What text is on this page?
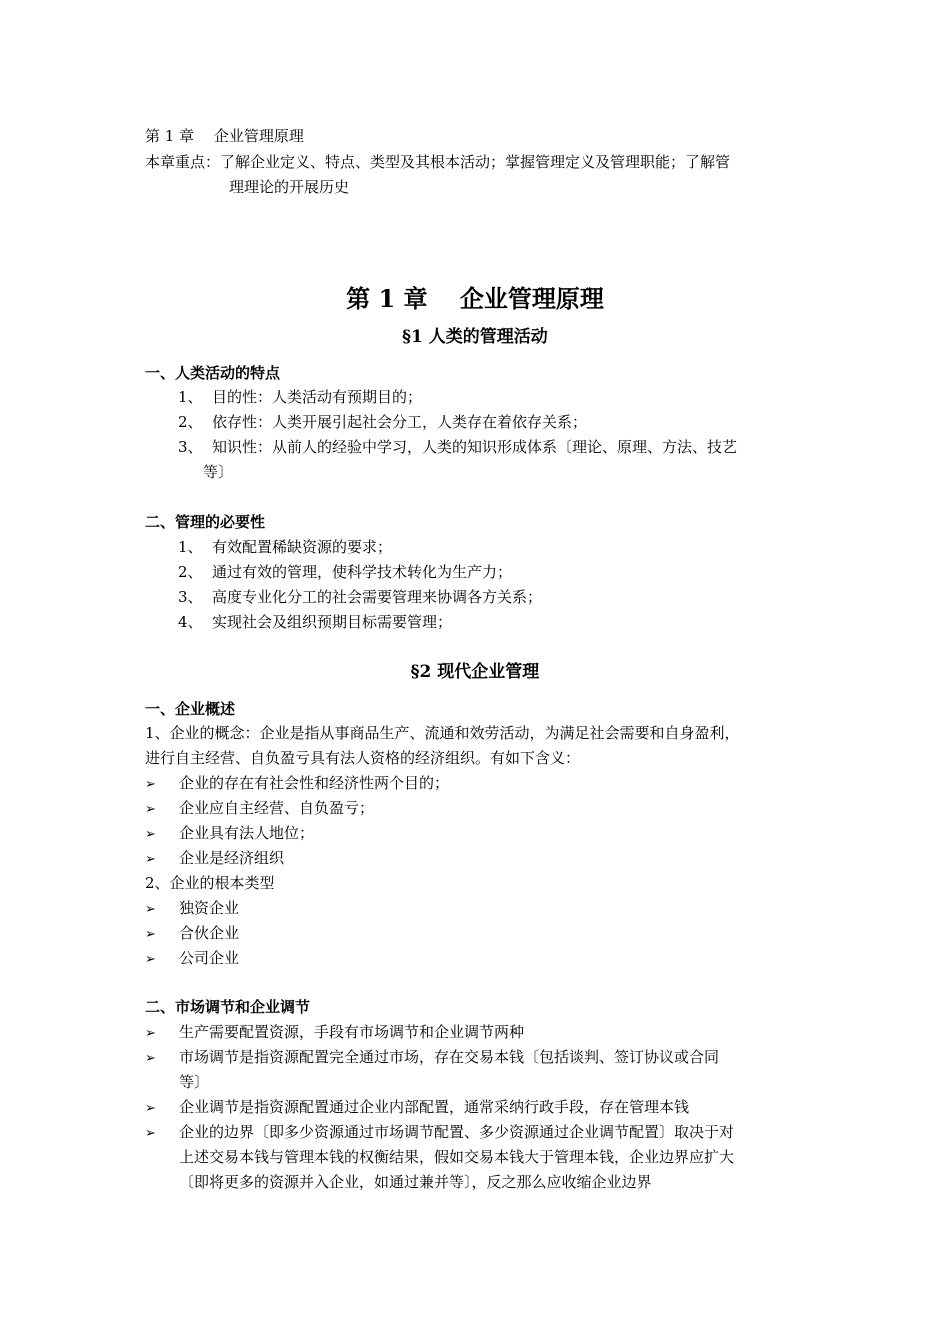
第 1 章　 企业管理原理
本章重点：了解企业定义、特点、类型及其根本活动；掌握管理定义及管理职能；了解管
理理论的开展历史
第 1 章　 企业管理原理
§1 人类的管理活动
一、人类活动的特点
1、 目的性：人类活动有预期目的；
2、 依存性：人类开展引起社会分工，人类存在着依存关系；
3、 知识性：从前人的经验中学习，人类的知识形成体系〔理论、原理、方法、技艺
等〕
二、管理的必要性
1、 有效配置稀缺资源的要求；
2、 通过有效的管理，使科学技术转化为生产力；
3、 高度专业化分工的社会需要管理来协调各方关系；
4、 实现社会及组织预期目标需要管理；
§2 现代企业管理
一、企业概述
1、企业的概念：企业是指从事商品生产、流通和效劳活动，为满足社会需要和自身盈利，
进行自主经营、自负盈亏具有法人资格的经济组织。有如下含义：
➢ 企业的存在有社会性和经济性两个目的；
➢ 企业应自主经营、自负盈亏；
➢ 企业具有法人地位；
➢ 企业是经济组织
2、企业的根本类型
➢ 独资企业
➢ 合伙企业
➢ 公司企业
二、市场调节和企业调节
➢ 生产需要配置资源，手段有市场调节和企业调节两种
➢ 市场调节是指资源配置完全通过市场，存在交易本钱〔包括谈判、签订协议或合同
等〕
➢ 企业调节是指资源配置通过企业内部配置，通常采纳行政手段，存在管理本钱
➢ 企业的边界〔即多少资源通过市场调节配置、多少资源通过企业调节配置〕取决于对
上述交易本钱与管理本钱的权衡结果，假如交易本钱大于管理本钱，企业边界应扩大
〔即将更多的资源并入企业，如通过兼并等〕，反之那么应收缩企业边界
